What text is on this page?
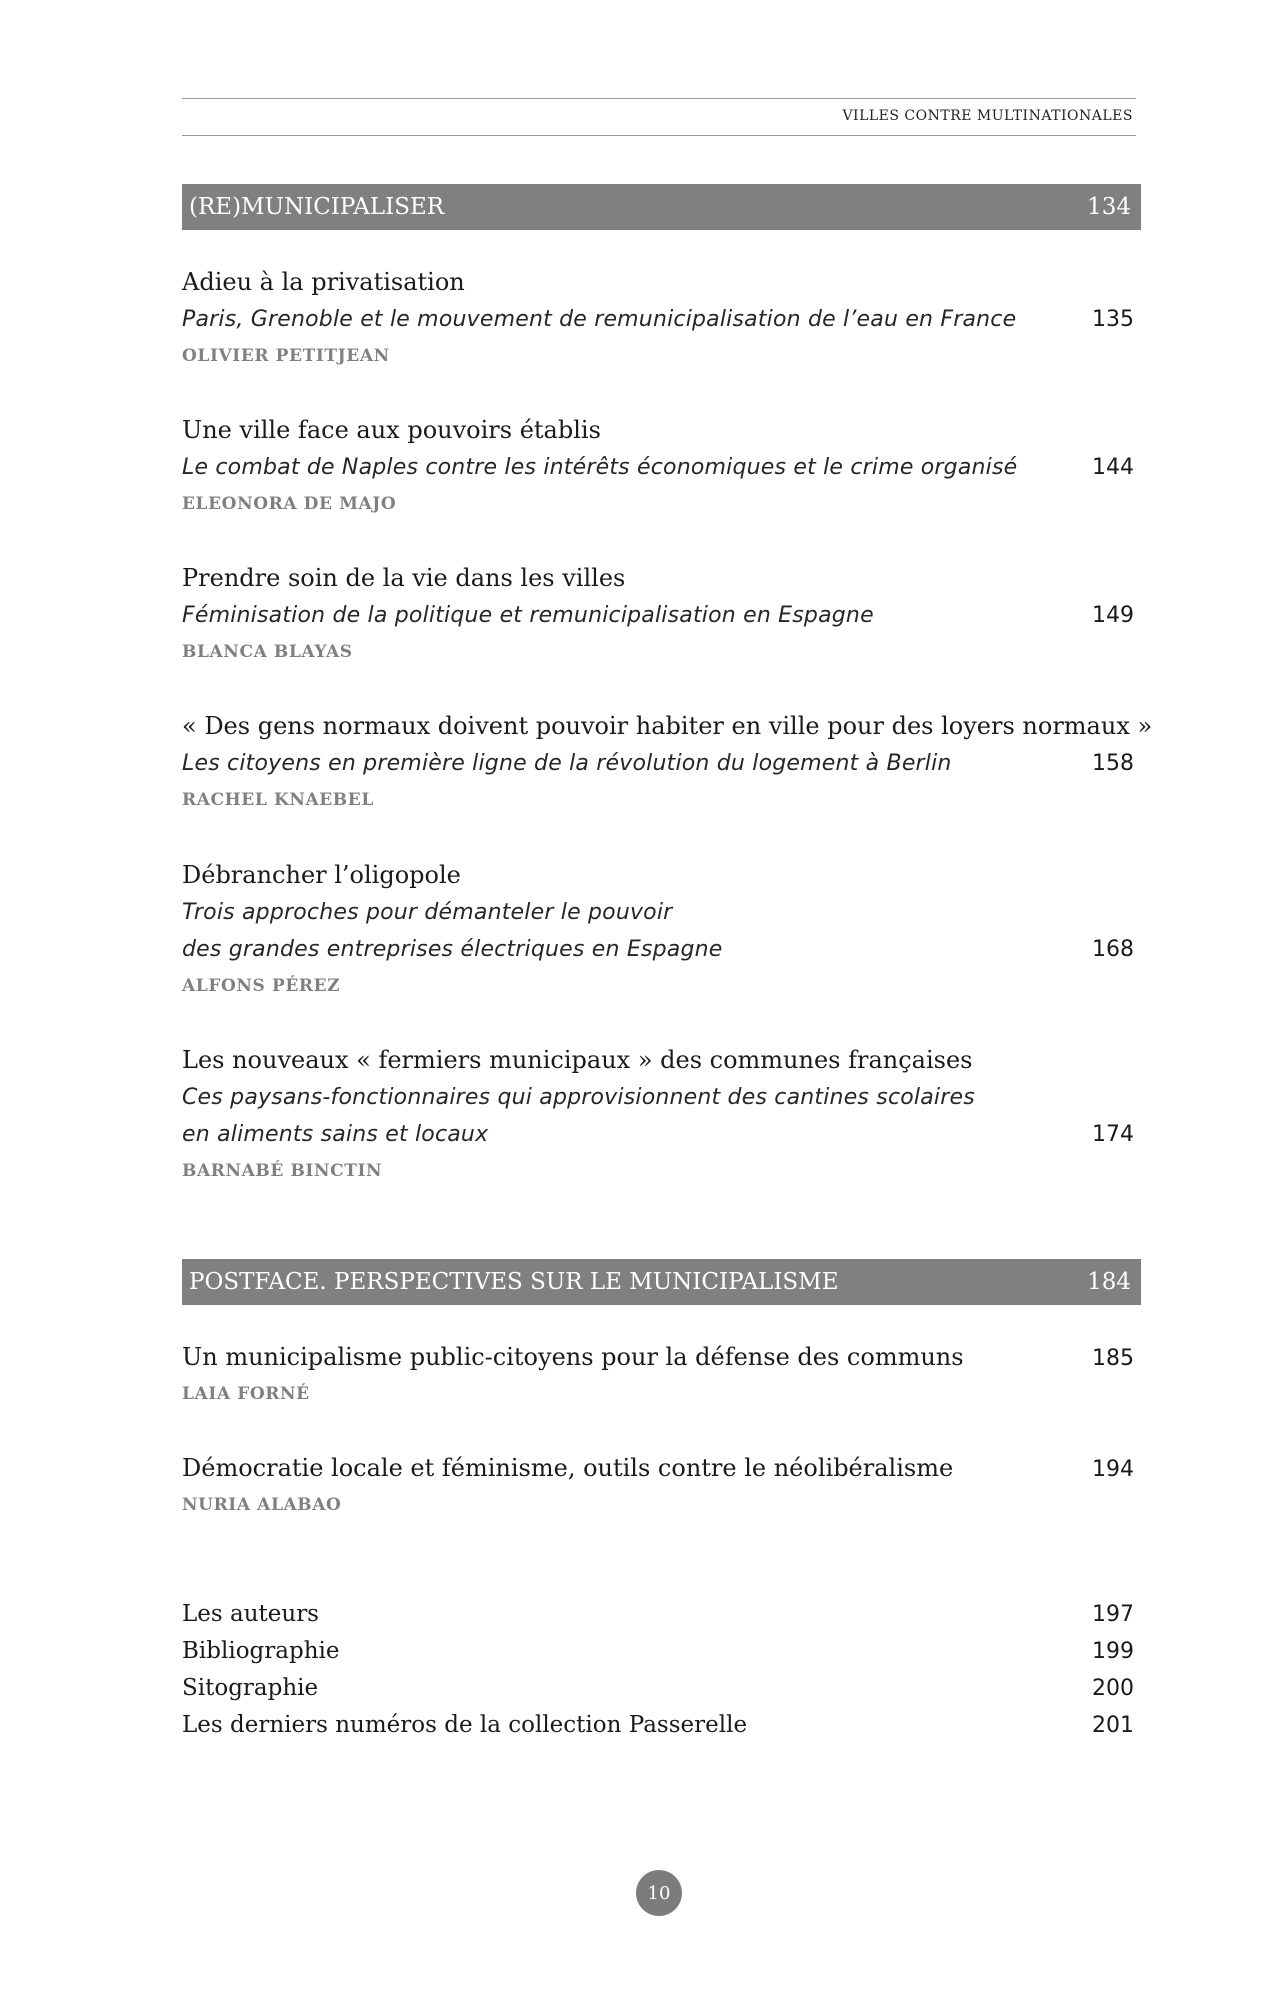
VILLES CONTRE MULTINATIONALES
(RE)MUNICIPALISER	134
Adieu à la privatisation
Paris, Grenoble et le mouvement de remunicipalisation de l’eau en France	135
OLIVIER PETITJEAN
Une ville face aux pouvoirs établis
Le combat de Naples contre les intérêts économiques et le crime organisé	144
ELEONORA DE MAJO
Prendre soin de la vie dans les villes
Féminisation de la politique et remunicipalisation en Espagne	149
BLANCA BLAYAS
« Des gens normaux doivent pouvoir habiter en ville pour des loyers normaux »
Les citoyens en première ligne de la révolution du logement à Berlin	158
RACHEL KNAEBEL
Débrancher l’oligopole
Trois approches pour démanteler le pouvoir
des grandes entreprises électriques en Espagne	168
ALFONS PÉREZ
Les nouveaux « fermiers municipaux » des communes françaises
Ces paysans-fonctionnaires qui approvisionnent des cantines scolaires
en aliments sains et locaux	174
BARNABÉ BINCTIN
POSTFACE. PERSPECTIVES SUR LE MUNICIPALISME	184
Un municipalisme public-citoyens pour la défense des communs	185
LAIA FORNÉ
Démocratie locale et féminisme, outils contre le néolibéralisme	194
NURIA ALABAO
Les auteurs	197
Bibliographie	199
Sitographie	200
Les derniers numéros de la collection Passerelle	201
10
